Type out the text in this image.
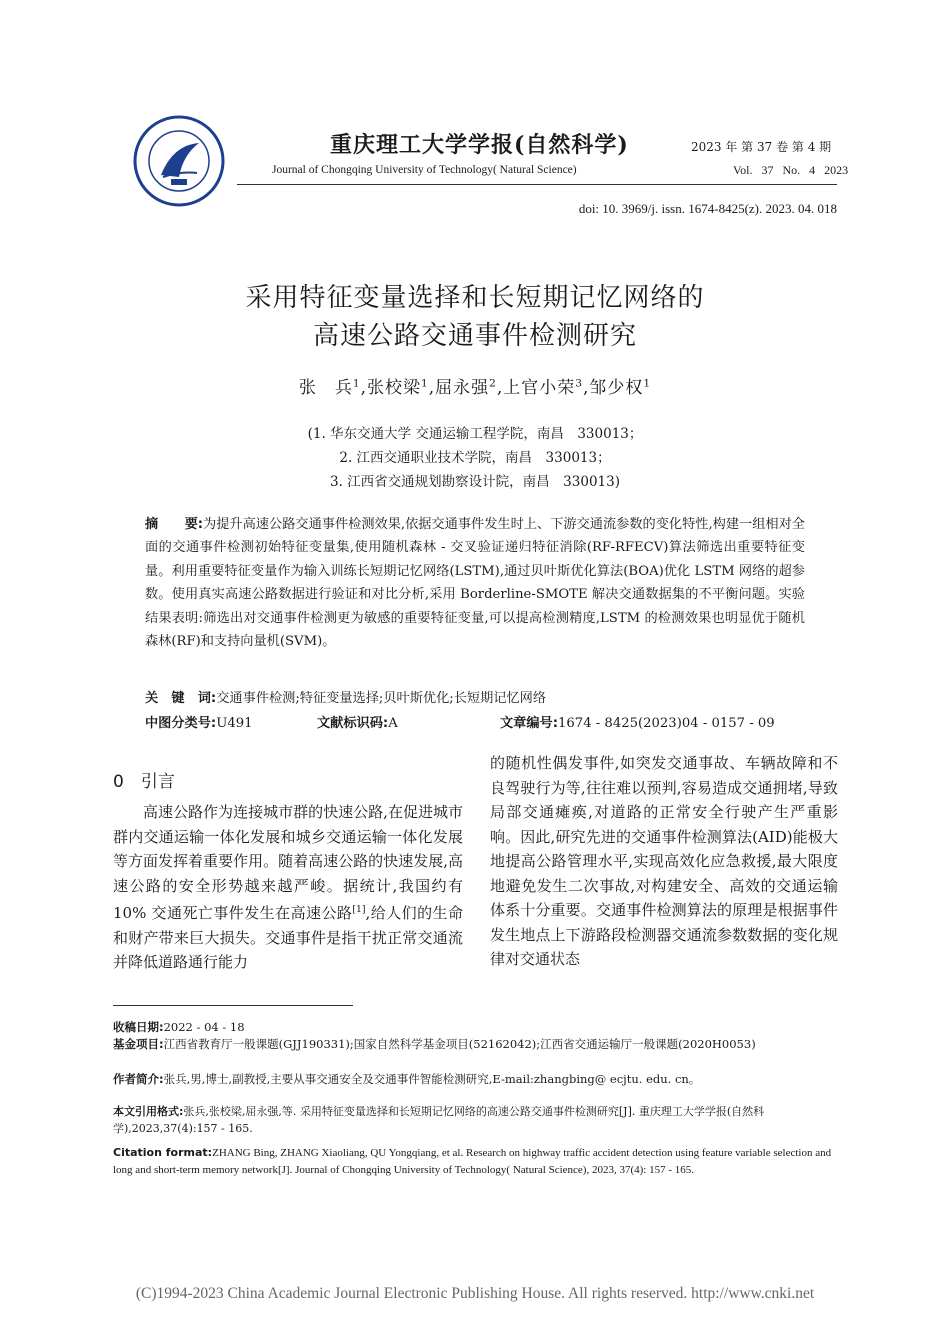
重庆理工大学学报(自然科学)
Journal of Chongqing University of Technology( Natural Science)
2023 年 第 37 卷 第 4 期
Vol. 37 No. 4 2023
doi: 10. 3969/j. issn. 1674-8425(z). 2023. 04. 018
采用特征变量选择和长短期记忆网络的
高速公路交通事件检测研究
张　兵$^1$,张校梁$^1$,屈永强$^2$,上官小荣$^3$,邹少权$^1$
(1. 华东交通大学 交通运输工程学院，南昌　330013；
2. 江西交通职业技术学院，南昌　330013；
3. 江西省交通规划勘察设计院，南昌　330013)
摘　　要:为提升高速公路交通事件检测效果,依据交通事件发生时上、下游交通流参数的变化特性,构建一组相对全面的交通事件检测初始特征变量集,使用随机森林 - 交叉验证递归特征消除(RF-RFECV)算法筛选出重要特征变量。利用重要特征变量作为输入训练长短期记忆网络(LSTM),通过贝叶斯优化算法(BOA)优化 LSTM 网络的超参数。使用真实高速公路数据进行验证和对比分析,采用 Borderline-SMOTE 解决交通数据集的不平衡问题。实验结果表明:筛选出对交通事件检测更为敏感的重要特征变量,可以提高检测精度,LSTM 的检测效果也明显优于随机森林(RF)和支持向量机(SVM)。
关　键　词:交通事件检测;特征变量选择;贝叶斯优化;长短期记忆网络
中图分类号:U491	文献标识码:A	文章编号:1674 - 8425(2023)04 - 0157 - 09
0　引言
高速公路作为连接城市群的快速公路,在促进城市群内交通运输一体化发展和城乡交通运输一体化发展等方面发挥着重要作用。随着高速公路的快速发展,高速公路的安全形势越来越严峻。据统计,我国约有 10% 交通死亡事件发生在高速公路[1],给人们的生命和财产带来巨大损失。交通事件是指干扰正常交通流并降低道路通行能力
的随机性偶发事件,如突发交通事故、车辆故障和不良驾驶行为等,往往难以预判,容易造成交通拥堵,导致局部交通瘫痪,对道路的正常安全行驶产生严重影响。因此,研究先进的交通事件检测算法(AID)能极大地提高公路管理水平,实现高效化应急救援,最大限度地避免发生二次事故,对构建安全、高效的交通运输体系十分重要。交通事件检测算法的原理是根据事件发生地点上下游路段检测器交通流参数数据的变化规律对交通状态
收稿日期:2022 - 04 - 18
基金项目:江西省教育厅一般课题(GJJ190331);国家自然科学基金项目(52162042);江西省交通运输厅一般课题(2020H0053)
作者简介:张兵,男,博士,副教授,主要从事交通安全及交通事件智能检测研究,E-mail:zhangbing@ ecjtu. edu. cn。
本文引用格式:张兵,张校梁,屈永强,等. 采用特征变量选择和长短期记忆网络的高速公路交通事件检测研究[J]. 重庆理工大学学报(自然科学),2023,37(4):157 - 165.
Citation format:ZHANG Bing, ZHANG Xiaoliang, QU Yongqiang, et al. Research on highway traffic accident detection using feature variable selection and long and short-term memory network[J]. Journal of Chongqing University of Technology( Natural Science), 2023, 37(4): 157 - 165.
(C)1994-2023 China Academic Journal Electronic Publishing House. All rights reserved. http://www.cnki.net
